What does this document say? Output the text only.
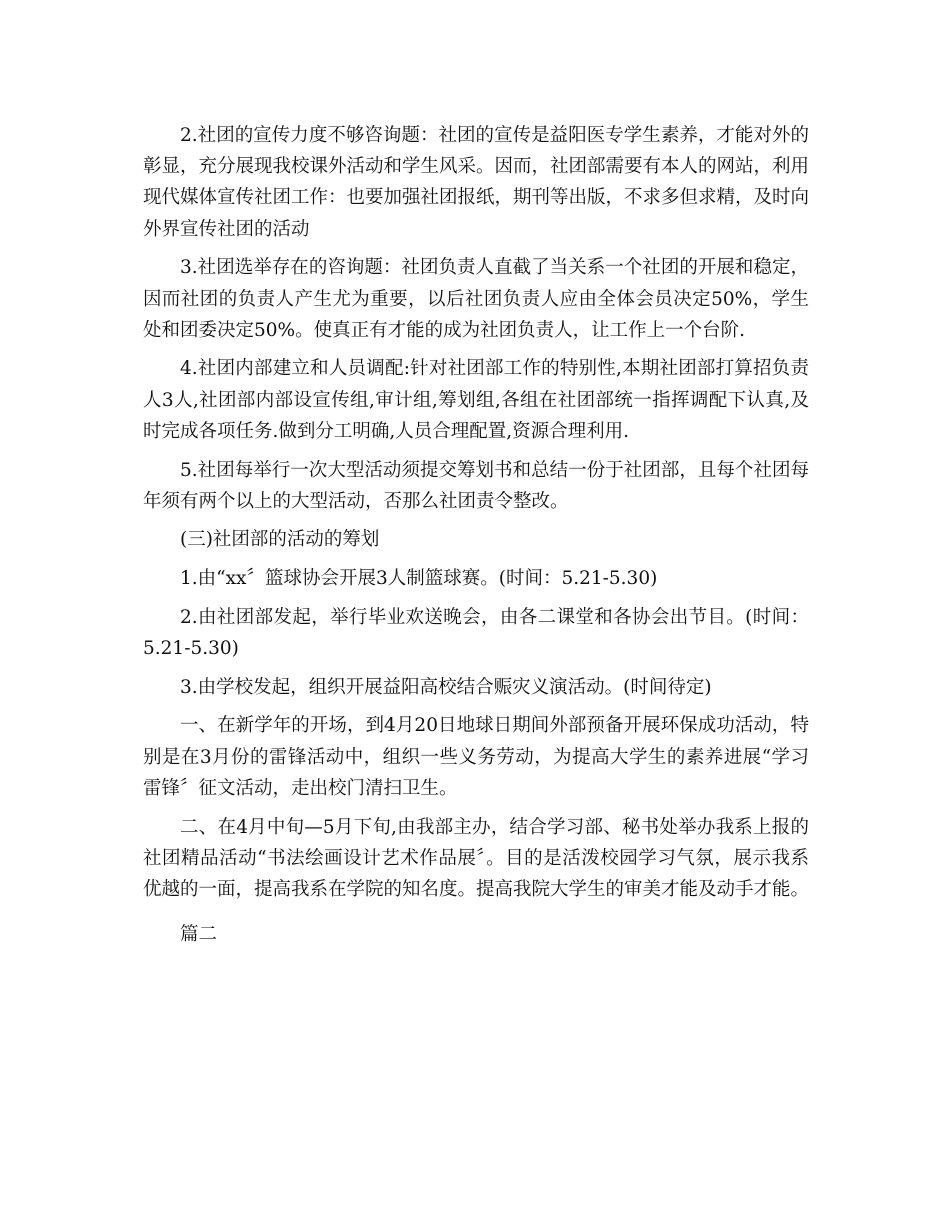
2.社团的宣传力度不够咨询题：社团的宣传是益阳医专学生素养，才能对外的彰显，充分展现我校课外活动和学生风采。因而，社团部需要有本人的网站，利用现代媒体宣传社团工作：也要加强社团报纸，期刊等出版，不求多但求精，及时向外界宣传社团的活动

3.社团选举存在的咨询题：社团负责人直截了当关系一个社团的开展和稳定，因而社团的负责人产生尤为重要，以后社团负责人应由全体会员决定50%，学生处和团委决定50%。使真正有才能的成为社团负责人，让工作上一个台阶.

4.社团内部建立和人员调配:针对社团部工作的特别性,本期社团部打算招负责人3人,社团部内部设宣传组,审计组,筹划组,各组在社团部统一指挥调配下认真,及时完成各项任务.做到分工明确,人员合理配置,资源合理利用.

5.社团每举行一次大型活动须提交筹划书和总结一份于社团部，且每个社团每年须有两个以上的大型活动，否那么社团责令整改。

(三)社团部的活动的筹划

1.由“xx〞篮球协会开展3人制篮球赛。(时间：5.21-5.30)

2.由社团部发起，举行毕业欢送晚会，由各二课堂和各协会出节目。(时间：5.21-5.30)

3.由学校发起，组织开展益阳高校结合赈灾义演活动。(时间待定)

一、在新学年的开场，到4月20日地球日期间外部预备开展环保成功活动，特别是在3月份的雷锋活动中，组织一些义务劳动，为提高大学生的素养进展“学习雷锋〞征文活动，走出校门清扫卫生。

二、在4月中旬—5月下旬,由我部主办，结合学习部、秘书处举办我系上报的社团精品活动“书法绘画设计艺术作品展〞。目的是活泼校园学习气氛，展示我系优越的一面，提高我系在学院的知名度。提高我院大学生的审美才能及动手才能。

篇二
